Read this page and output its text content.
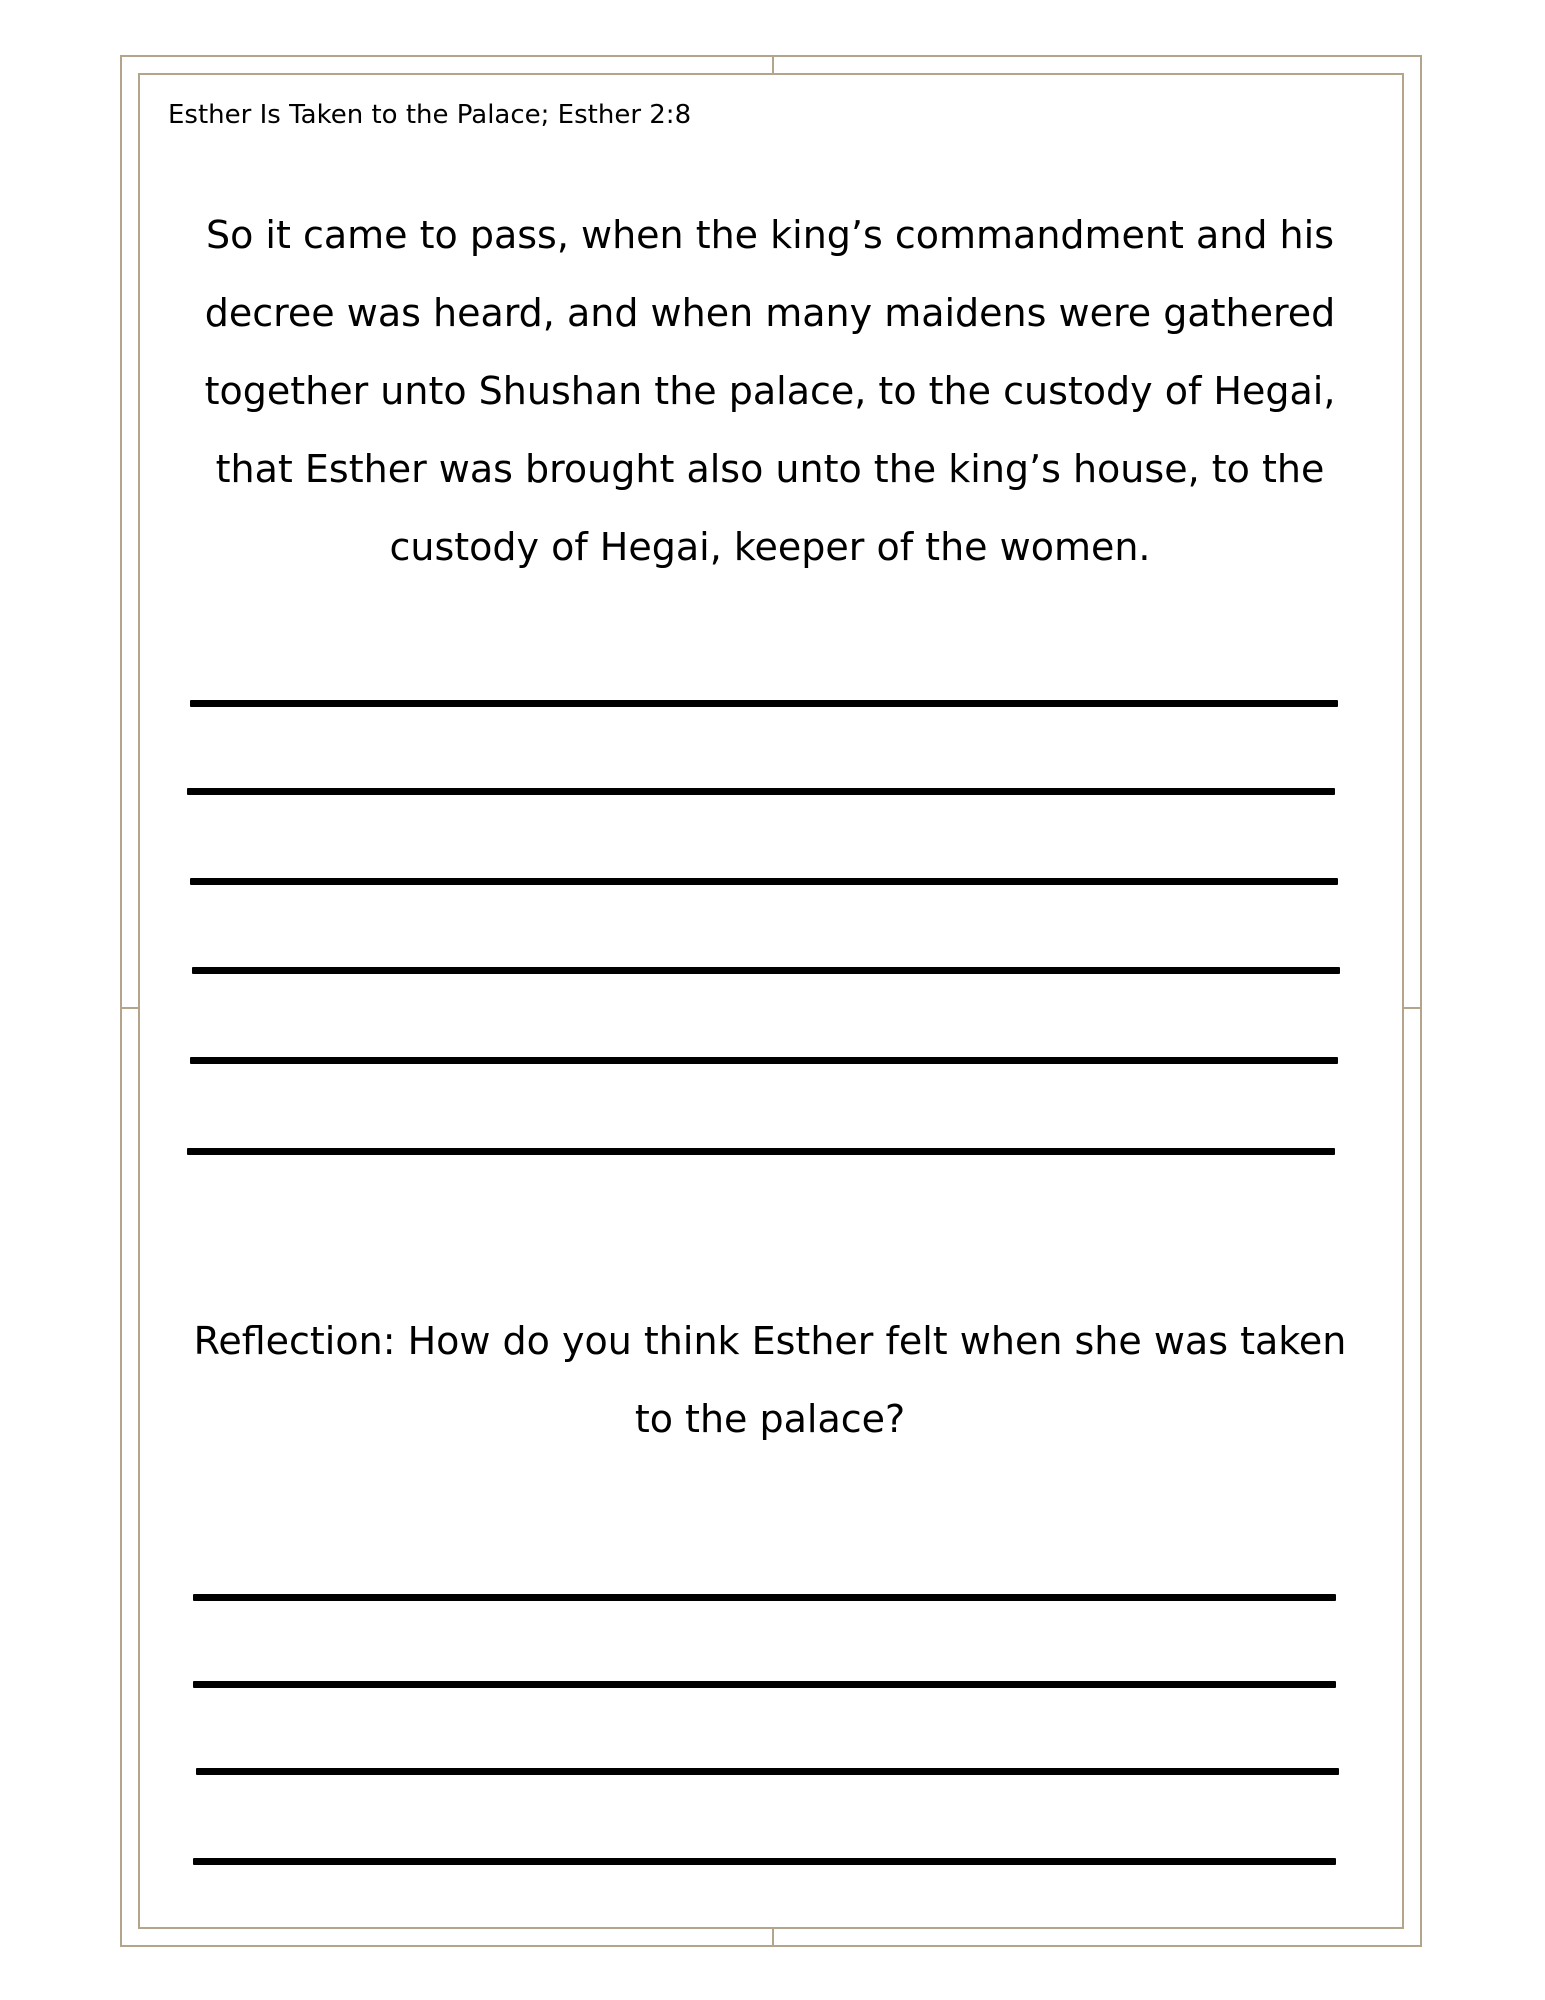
Esther Is Taken to the Palace; Esther 2:8

So it came to pass, when the king’s commandment and his decree was heard, and when many maidens were gathered together unto Shushan the palace, to the custody of Hegai, that Esther was brought also unto the king’s house, to the custody of Hegai, keeper of the women.

Reflection: How do you think Esther felt when she was taken to the palace?
